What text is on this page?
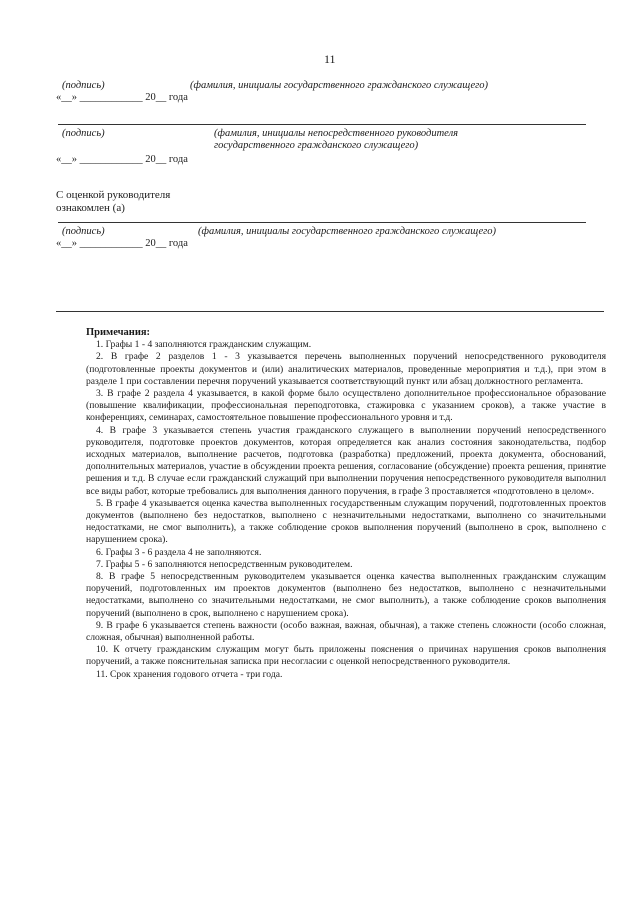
11
(подпись)	(фамилия, инициалы государственного гражданского служащего)
«__» ____________ 20__ года
(подпись)	(фамилия, инициалы непосредственного руководителя
государственного гражданского служащего)
«__» ____________ 20__ года
С оценкой руководителя
ознакомлен (а)
(подпись)	(фамилия, инициалы государственного гражданского служащего)
«__» ____________ 20__ года

Примечания:

1. Графы 1 - 4 заполняются гражданским служащим.

2. В графе 2 разделов 1 - 3 указывается перечень выполненных поручений непосредственного руководителя (подготовленные проекты документов и (или) аналитических материалов, проведенные мероприятия и т.д.), при этом в разделе 1 при составлении перечня поручений указывается соответствующий пункт или абзац должностного регламента.

3. В графе 2 раздела 4 указывается, в какой форме было осуществлено дополнительное профессиональное образование (повышение квалификации, профессиональная переподготовка, стажировка с указанием сроков), а также участие в конференциях, семинарах, самостоятельное повышение профессионального уровня и т.д.

4. В графе 3 указывается степень участия гражданского служащего в выполнении поручений непосредственного руководителя, подготовке проектов документов, которая определяется как анализ состояния законодательства, подбор исходных материалов, выполнение расчетов, подготовка (разработка) предложений, проекта документа, обоснований, дополнительных материалов, участие в обсуждении проекта решения, согласование (обсуждение) проекта решения, принятие решения и т.д. В случае если гражданский служащий при выполнении поручения непосредственного руководителя выполнил все виды работ, которые требовались для выполнения данного поручения, в графе 3 проставляется «подготовлено в целом».

5. В графе 4 указывается оценка качества выполненных государственным служащим поручений, подготовленных проектов документов (выполнено без недостатков, выполнено с незначительными недостатками, выполнено со значительными недостатками, не смог выполнить), а также соблюдение сроков выполнения поручений (выполнено в срок, выполнено с нарушением срока).

6. Графы 3 - 6 раздела 4 не заполняются.

7. Графы 5 - 6 заполняются непосредственным руководителем.

8. В графе 5 непосредственным руководителем указывается оценка качества выполненных гражданским служащим поручений, подготовленных им проектов документов (выполнено без недостатков, выполнено с незначительными недостатками, выполнено со значительными недостатками, не смог выполнить), а также соблюдение сроков выполнения поручений (выполнено в срок, выполнено с нарушением срока).

9. В графе 6 указывается степень важности (особо важная, важная, обычная), а также степень сложности (особо сложная, сложная, обычная) выполненной работы.

10. К отчету гражданским служащим могут быть приложены пояснения о причинах нарушения сроков выполнения поручений, а также пояснительная записка при несогласии с оценкой непосредственного руководителя.

11. Срок хранения годового отчета - три года.
